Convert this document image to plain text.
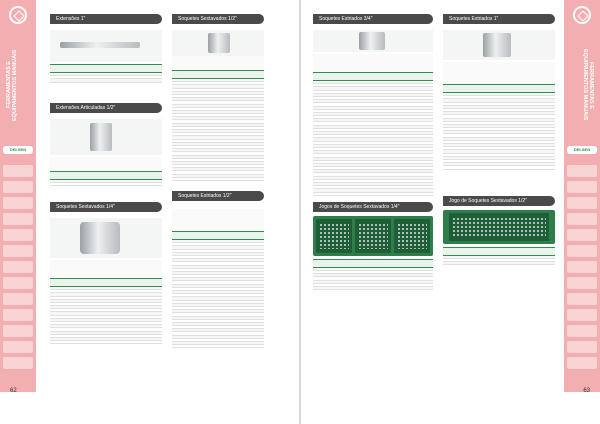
FERRAMENTAS E EQUIPAMENTOS MANUAIS
DELSEN
Extensões 1"
Extensões Articuladas 1/2"
Soquetes Sextavados 1/4"
Soquetes Sextavados 1/2"
Soquetes Estriados 1/2"
62
FERRAMENTAS E EQUIPAMENTOS MANUAIS
DELSEN
Soquetes Estriados 3/4"
Jogos de Soquetes Sextavados 1/4"
Soquetes Estriados 1"
Jogo de Soquetes Sextavados 1/2"
63
